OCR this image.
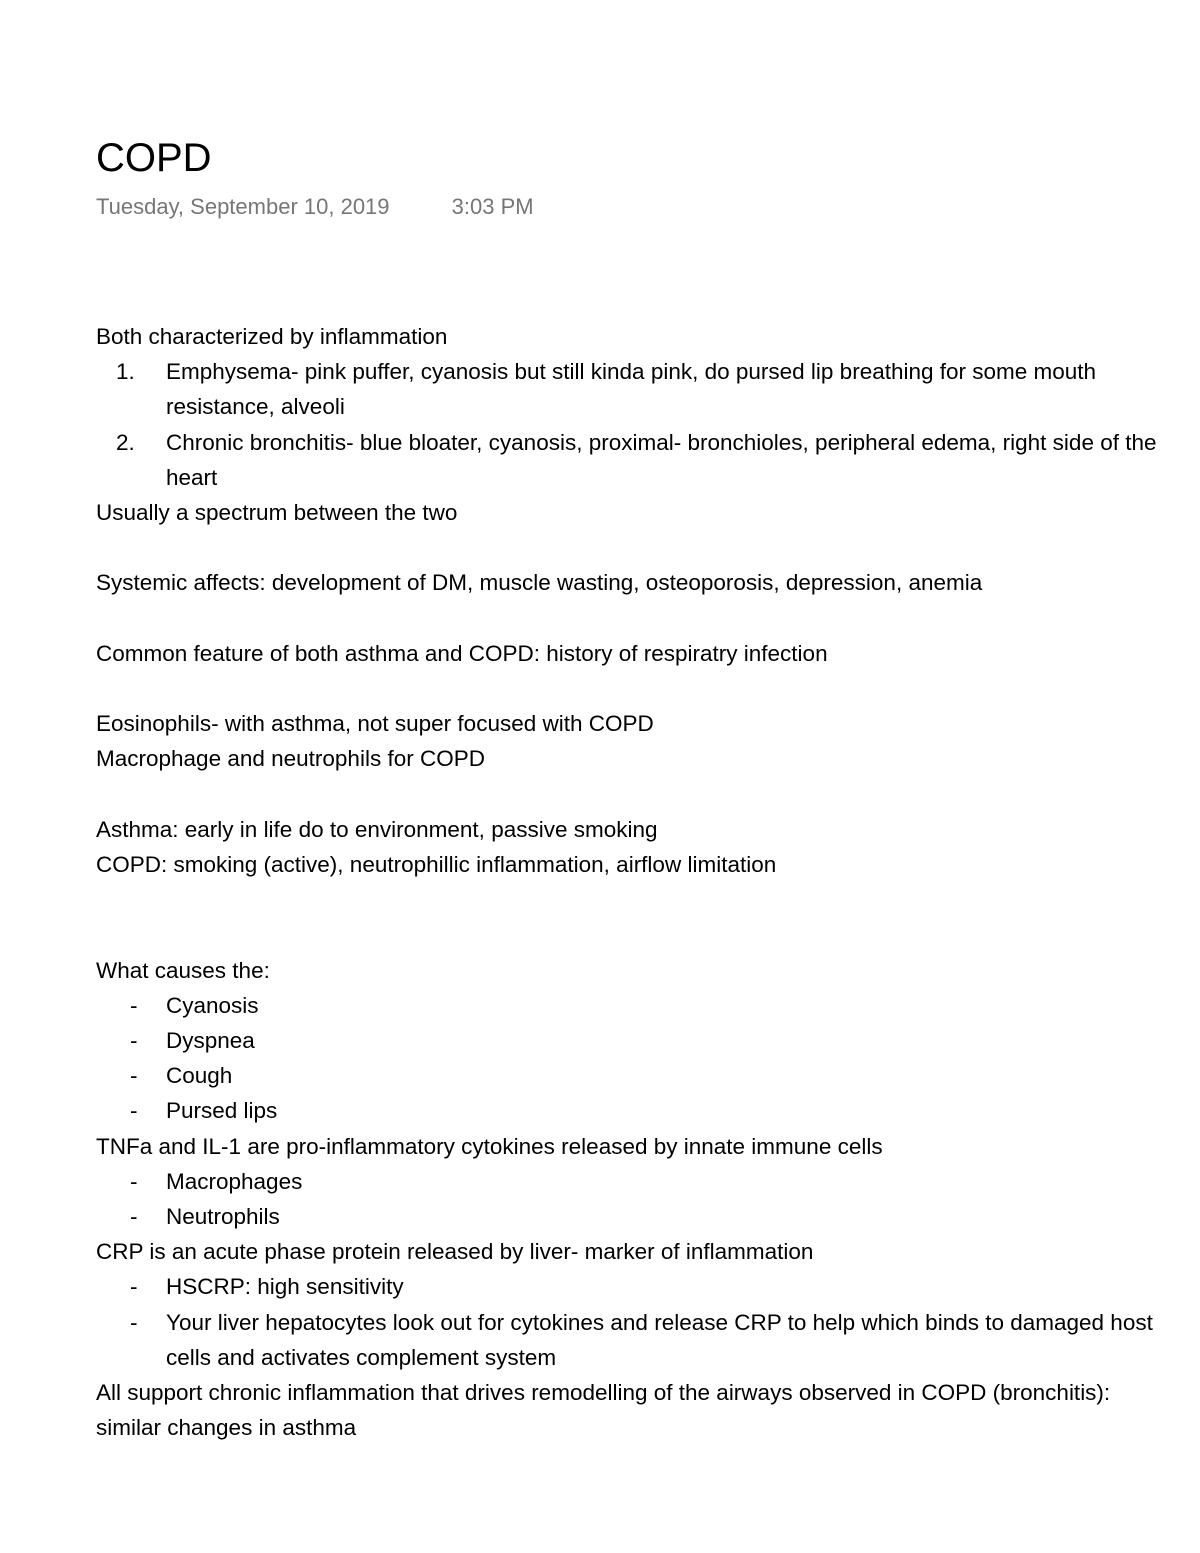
COPD
Tuesday, September 10, 2019	3:03 PM

Both characterized by inflammation

1.	Emphysema- pink puffer, cyanosis but still kinda pink, do pursed lip breathing for some mouth resistance, alveoli
2.	Chronic bronchitis- blue bloater, cyanosis, proximal- bronchioles, peripheral edema, right side of the heart

Usually a spectrum between the two

Systemic affects: development of DM, muscle wasting, osteoporosis, depression, anemia

Common feature of both asthma and COPD: history of respiratry infection

Eosinophils- with asthma, not super focused with COPD

Macrophage and neutrophils for COPD

Asthma: early in life do to environment, passive smoking

COPD: smoking (active), neutrophillic inflammation, airflow limitation

What causes the:

-	Cyanosis
-	Dyspnea
-	Cough
-	Pursed lips

TNFa and IL-1 are pro-inflammatory cytokines released by innate immune cells

-	Macrophages
-	Neutrophils

CRP is an acute phase protein released by liver- marker of inflammation

-	HSCRP: high sensitivity
-	Your liver hepatocytes look out for cytokines and release CRP to help which binds to damaged host cells and activates complement system
All support chronic inflammation that drives remodelling of the airways observed in COPD (bronchitis): similar changes in asthma
